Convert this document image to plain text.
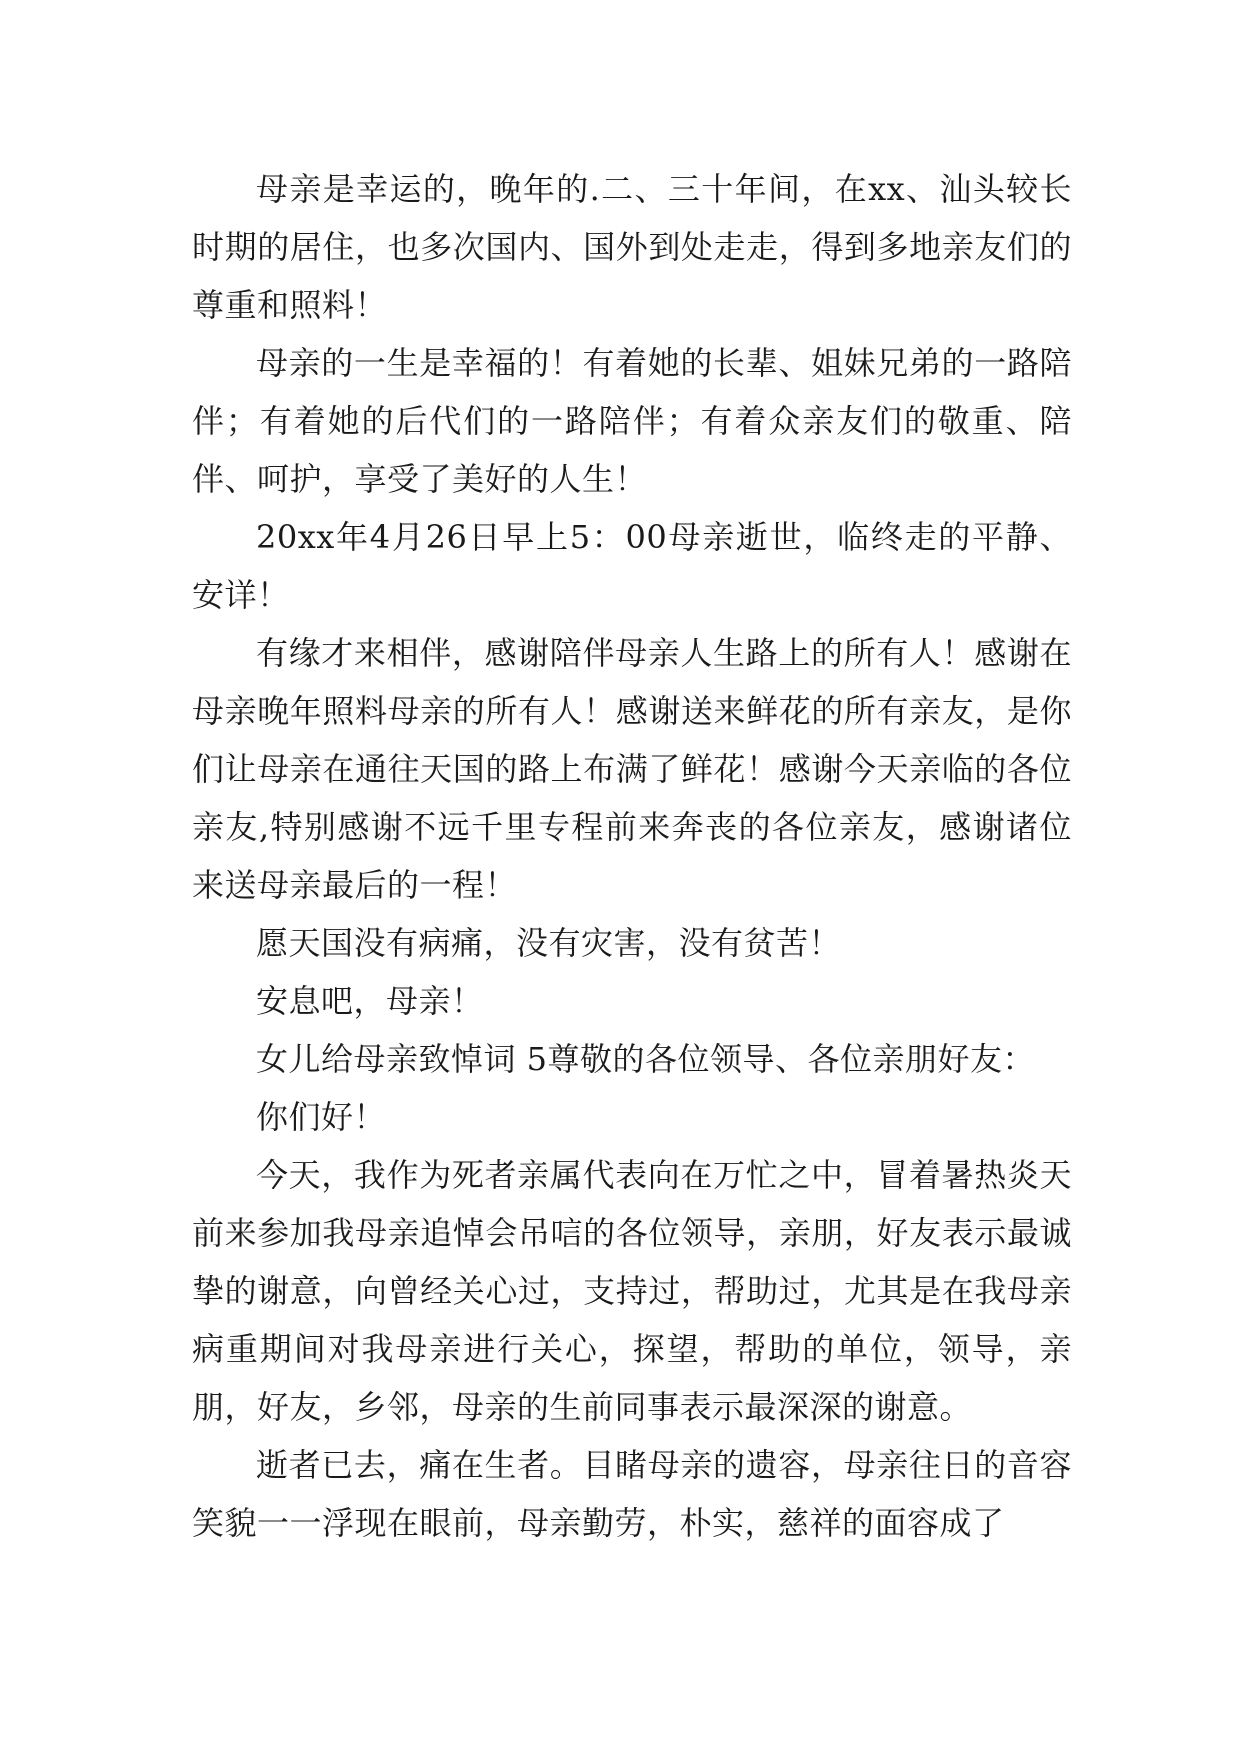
母亲是幸运的，晚年的.二、三十年间，在xx、汕头较长时期的居住，也多次国内、国外到处走走，得到多地亲友们的尊重和照料！

母亲的一生是幸福的！有着她的长辈、姐妹兄弟的一路陪伴；有着她的后代们的一路陪伴；有着众亲友们的敬重、陪伴、呵护，享受了美好的人生！

20xx年4月26日早上5：00母亲逝世，临终走的平静、安详！

有缘才来相伴，感谢陪伴母亲人生路上的所有人！感谢在母亲晚年照料母亲的所有人！感谢送来鲜花的所有亲友，是你们让母亲在通往天国的路上布满了鲜花！感谢今天亲临的各位亲友,特别感谢不远千里专程前来奔丧的各位亲友，感谢诸位来送母亲最后的一程！

愿天国没有病痛，没有灾害，没有贫苦！

安息吧，母亲！

女儿给母亲致悼词 5尊敬的各位领导、各位亲朋好友：

你们好！

今天，我作为死者亲属代表向在万忙之中，冒着暑热炎天前来参加我母亲追悼会吊唁的各位领导，亲朋，好友表示最诚挚的谢意，向曾经关心过，支持过，帮助过，尤其是在我母亲病重期间对我母亲进行关心，探望，帮助的单位，领导，亲朋，好友，乡邻，母亲的生前同事表示最深深的谢意。

逝者已去，痛在生者。目睹母亲的遗容，母亲往日的音容笑貌一一浮现在眼前，母亲勤劳，朴实，慈祥的面容成了
